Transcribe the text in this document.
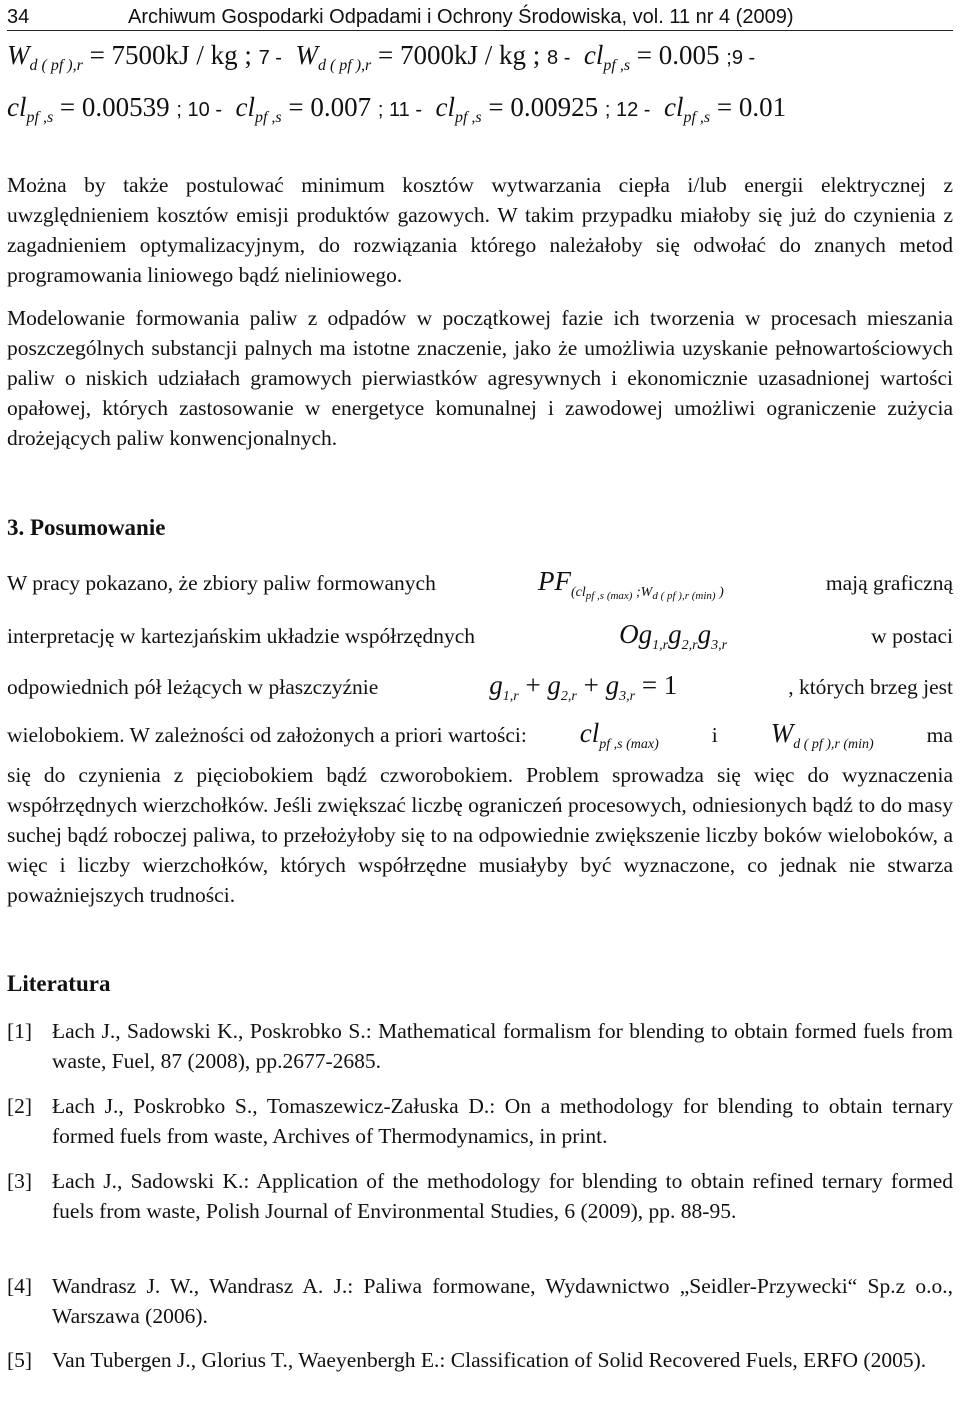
34	Archiwum Gospodarki Odpadami i Ochrony Środowiska, vol. 11 nr 4 (2009)
$W_{d ( pf ),r} = 7500kJ$ / kg ; $7 - W_{d ( pf ),r} = 7000kJ$ / kg ; $8 - cl_{pf ,s} = 0.005$ ;9 -
$cl_{pf ,s} = 0.00539$ ; $10 - cl_{pf ,s} = 0.007$ ; $11 - cl_{pf ,s} = 0.00925$ ; $12 - cl_{pf ,s} = 0.01$
Można by także postulować minimum kosztów wytwarzania ciepła i/lub energii elektrycznej z uwzględnieniem kosztów emisji produktów gazowych. W takim przypadku miałoby się już do czynienia z zagadnieniem optymalizacyjnym, do rozwiązania którego należałoby się odwołać do znanych metod programowania liniowego bądź nieliniowego.
Modelowanie formowania paliw z odpadów w początkowej fazie ich tworzenia w procesach mieszania poszczególnych substancji palnych ma istotne znaczenie, jako że umożliwia uzyskanie pełnowartościowych paliw o niskich udziałach gramowych pierwiastków agresywnych i ekonomicznie uzasadnionej wartości opałowej, których zastosowanie w energetyce komunalnej i zawodowej umożliwi ograniczenie zużycia drożejących paliw konwencjonalnych.
3. Posumowanie
W pracy pokazano, że zbiory paliw formowanych	$PF_{(cl_{pf ,s (max)} ;W_{d ( pf ),r (min)} )}$	mają graficzną
interpretację w kartezjańskim układzie współrzędnych	$Og_{1,r}g_{2,r}g_{3,r}$	w postaci
odpowiednich pół leżących w płaszczyźnie	$g_{1,r} + g_{2,r} + g_{3,r} = 1$	, których brzeg jest
wielobokiem. W zależności od założonych a priori wartości: $cl_{pf ,s (max)}$ i $W_{d ( pf ),r (min)}$ ma
się do czynienia z pięciobokiem bądź czworobokiem. Problem sprowadza się więc do wyznaczenia współrzędnych wierzchołków. Jeśli zwiększać liczbę ograniczeń procesowych, odniesionych bądź to do masy suchej bądź roboczej paliwa, to przełożyłoby się to na odpowiednie zwiększenie liczby boków wieloboków, a więc i liczby wierzchołków, których współrzędne musiałyby być wyznaczone, co jednak nie stwarza poważniejszych trudności.
Literatura
[1] Łach J., Sadowski K., Poskrobko S.: Mathematical formalism for blending to obtain formed fuels from waste, Fuel, 87 (2008), pp.2677-2685.
[2] Łach J., Poskrobko S., Tomaszewicz-Załuska D.: On a methodology for blending to obtain ternary formed fuels from waste, Archives of Thermodynamics, in print.
[3] Łach J., Sadowski K.: Application of the methodology for blending to obtain refined ternary formed fuels from waste, Polish Journal of Environmental Studies, 6 (2009), pp. 88-95.
[4] Wandrasz J. W., Wandrasz A. J.: Paliwa formowane, Wydawnictwo „Seidler-Przywecki“ Sp.z o.o., Warszawa (2006).
[5] Van Tubergen J., Glorius T., Waeyenbergh E.: Classification of Solid Recovered Fuels, ERFO (2005).
